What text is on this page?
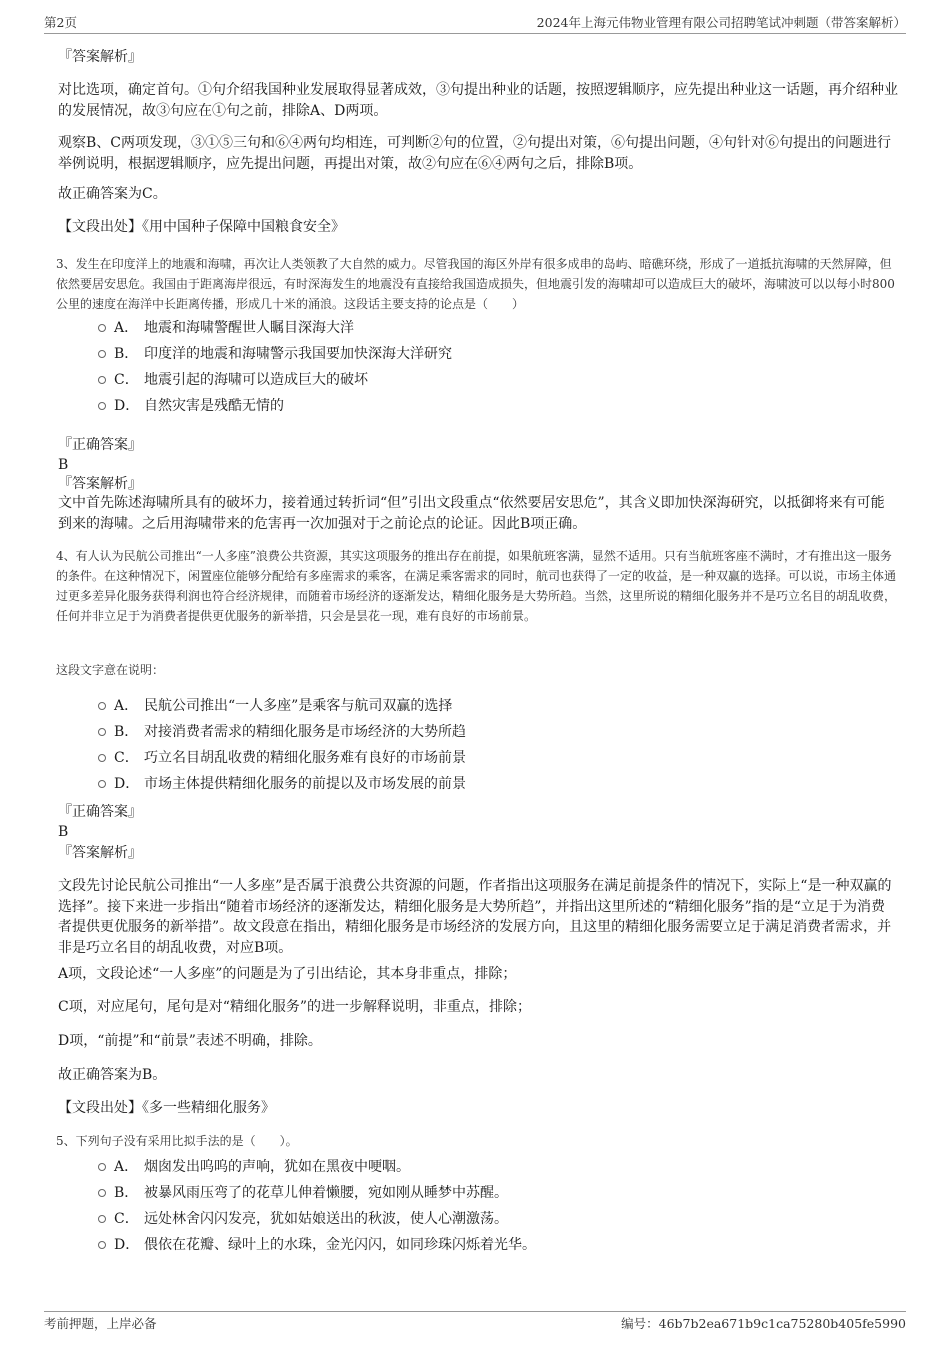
第2页	2024年上海元伟物业管理有限公司招聘笔试冲刺题（带答案解析）
『答案解析』
对比选项，确定首句。①句介绍我国种业发展取得显著成效，③句提出种业的话题，按照逻辑顺序，应先提出种业这一话题，再介绍种业的发展情况，故③句应在①句之前，排除A、D两项。
观察B、C两项发现，③①⑤三句和⑥④两句均相连，可判断②句的位置，②句提出对策，⑥句提出问题，④句针对⑥句提出的问题进行举例说明，根据逻辑顺序，应先提出问题，再提出对策，故②句应在⑥④两句之后，排除B项。
故正确答案为C。
【文段出处】《用中国种子保障中国粮食安全》
3、发生在印度洋上的地震和海啸，再次让人类领教了大自然的威力。尽管我国的海区外岸有很多成串的岛屿、暗礁环绕，形成了一道抵抗海啸的天然屏障，但依然要居安思危。我国由于距离海岸很远，有时深海发生的地震没有直接给我国造成损失，但地震引发的海啸却可以造成巨大的破坏，海啸波可以以每小时800公里的速度在海洋中长距离传播，形成几十米的涌浪。这段话主要支持的论点是（　　）
A． 地震和海啸警醒世人瞩目深海大洋
B． 印度洋的地震和海啸警示我国要加快深海大洋研究
C． 地震引起的海啸可以造成巨大的破坏
D． 自然灾害是残酷无情的
『正确答案』
B
『答案解析』
文中首先陈述海啸所具有的破坏力，接着通过转折词“但”引出文段重点“依然要居安思危”，其含义即加快深海研究，以抵御将来有可能到来的海啸。之后用海啸带来的危害再一次加强对于之前论点的论证。因此B项正确。
4、有人认为民航公司推出“一人多座”浪费公共资源，其实这项服务的推出存在前提，如果航班客满，显然不适用。只有当航班客座不满时，才有推出这一服务的条件。在这种情况下，闲置座位能够分配给有多座需求的乘客，在满足乘客需求的同时，航司也获得了一定的收益，是一种双赢的选择。可以说，市场主体通过更多差异化服务获得利润也符合经济规律，而随着市场经济的逐渐发达，精细化服务是大势所趋。当然，这里所说的精细化服务并不是巧立名目的胡乱收费，任何并非立足于为消费者提供更优服务的新举措，只会是昙花一现，难有良好的市场前景。
这段文字意在说明：
A． 民航公司推出“一人多座”是乘客与航司双赢的选择
B． 对接消费者需求的精细化服务是市场经济的大势所趋
C． 巧立名目胡乱收费的精细化服务难有良好的市场前景
D． 市场主体提供精细化服务的前提以及市场发展的前景
『正确答案』
B
『答案解析』
文段先讨论民航公司推出“一人多座”是否属于浪费公共资源的问题，作者指出这项服务在满足前提条件的情况下，实际上“是一种双赢的选择”。接下来进一步指出“随着市场经济的逐渐发达，精细化服务是大势所趋”，并指出这里所述的“精细化服务”指的是“立足于为消费者提供更优服务的新举措”。故文段意在指出，精细化服务是市场经济的发展方向，且这里的精细化服务需要立足于满足消费者需求，并非是巧立名目的胡乱收费，对应B项。
A项，文段论述“一人多座”的问题是为了引出结论，其本身非重点，排除；
C项，对应尾句，尾句是对“精细化服务”的进一步解释说明，非重点，排除；
D项，“前提”和“前景”表述不明确，排除。
故正确答案为B。
【文段出处】《多一些精细化服务》
5、下列句子没有采用比拟手法的是（　　）。
A． 烟囱发出呜呜的声响，犹如在黑夜中哽咽。
B． 被暴风雨压弯了的花草儿伸着懒腰，宛如刚从睡梦中苏醒。
C． 远处林舍闪闪发亮，犹如姑娘送出的秋波，使人心潮激荡。
D． 偎依在花瓣、绿叶上的水珠，金光闪闪，如同珍珠闪烁着光华。
考前押题，上岸必备	编号：46b7b2ea671b9c1ca75280b405fe5990
